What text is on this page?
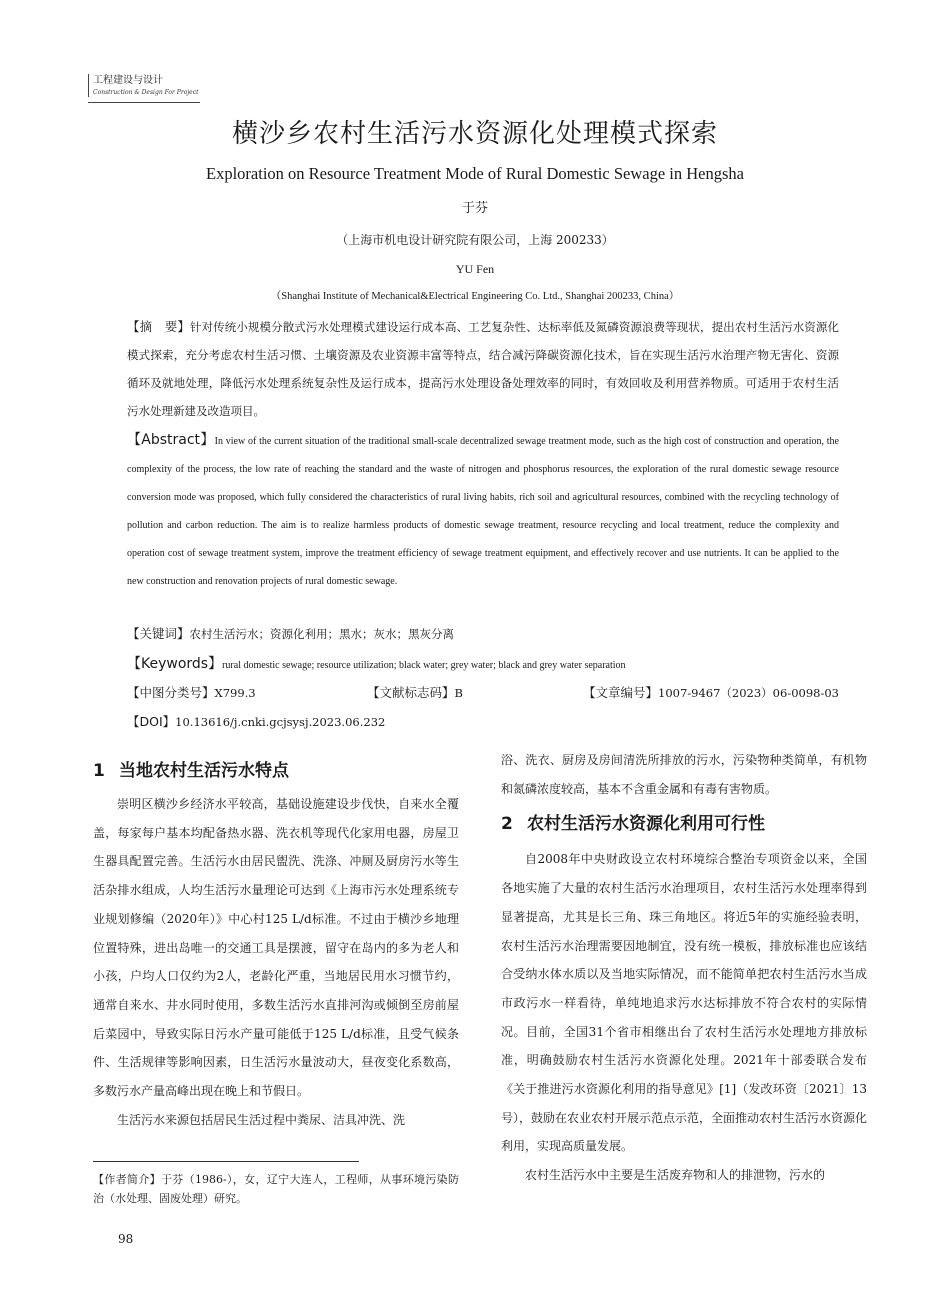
工程建设与设计
Construction & Design For Project
横沙乡农村生活污水资源化处理模式探索
Exploration on Resource Treatment Mode of Rural Domestic Sewage in Hengsha
于芬
（上海市机电设计研究院有限公司，上海 200233）
YU Fen
（Shanghai Institute of Mechanical&Electrical Engineering Co. Ltd., Shanghai 200233, China）
【摘　要】针对传统小规模分散式污水处理模式建设运行成本高、工艺复杂性、达标率低及氮磷资源浪费等现状，提出农村生活污水资源化模式探索，充分考虑农村生活习惯、土壤资源及农业资源丰富等特点，结合减污降碳资源化技术，旨在实现生活污水治理产物无害化、资源循环及就地处理，降低污水处理系统复杂性及运行成本，提高污水处理设备处理效率的同时，有效回收及利用营养物质。可适用于农村生活污水处理新建及改造项目。
【Abstract】In view of the current situation of the traditional small-scale decentralized sewage treatment mode, such as the high cost of construction and operation, the complexity of the process, the low rate of reaching the standard and the waste of nitrogen and phosphorus resources, the exploration of the rural domestic sewage resource conversion mode was proposed, which fully considered the characteristics of rural living habits, rich soil and agricultural resources, combined with the recycling technology of pollution and carbon reduction. The aim is to realize harmless products of domestic sewage treatment, resource recycling and local treatment, reduce the complexity and operation cost of sewage treatment system, improve the treatment efficiency of sewage treatment equipment, and effectively recover and use nutrients. It can be applied to the new construction and renovation projects of rural domestic sewage.
【关键词】农村生活污水；资源化利用；黑水；灰水；黑灰分离
【Keywords】rural domestic sewage; resource utilization; black water; grey water; black and grey water separation
【中图分类号】X799.3	【文献标志码】B	【文章编号】1007-9467（2023）06-0098-03
【DOI】10.13616/j.cnki.gcjsysj.2023.06.232
1 当地农村生活污水特点

崇明区横沙乡经济水平较高，基础设施建设步伐快，自来水全覆盖，每家每户基本均配备热水器、洗衣机等现代化家用电器，房屋卫生器具配置完善。生活污水由居民盥洗、洗涤、冲厕及厨房污水等生活杂排水组成，人均生活污水量理论可达到《上海市污水处理系统专业规划修编（2020年）》中心村125 L/d标准。不过由于横沙乡地理位置特殊，进出岛唯一的交通工具是摆渡，留守在岛内的多为老人和小孩，户均人口仅约为2人，老龄化严重，当地居民用水习惯节约，通常自来水、井水同时使用，多数生活污水直排河沟或倾倒至房前屋后菜园中，导致实际日污水产量可能低于125 L/d标准，且受气候条件、生活规律等影响因素，日生活污水量波动大，昼夜变化系数高，多数污水产量高峰出现在晚上和节假日。

生活污水来源包括居民生活过程中粪尿、洁具冲洗、洗

【作者简介】于芬（1986-），女，辽宁大连人，工程师，从事环境污染防治（水处理、固废处理）研究。

浴、洗衣、厨房及房间清洗所排放的污水，污染物种类简单，有机物和氮磷浓度较高，基本不含重金属和有毒有害物质。

2 农村生活污水资源化利用可行性

自2008年中央财政设立农村环境综合整治专项资金以来，全国各地实施了大量的农村生活污水治理项目，农村生活污水处理率得到显著提高，尤其是长三角、珠三角地区。将近5年的实施经验表明，农村生活污水治理需要因地制宜，没有统一模板，排放标准也应该结合受纳水体水质以及当地实际情况，而不能简单把农村生活污水当成市政污水一样看待，单纯地追求污水达标排放不符合农村的实际情况。目前，全国31个省市相继出台了农村生活污水处理地方排放标准，明确鼓励农村生活污水资源化处理。2021年十部委联合发布《关于推进污水资源化利用的指导意见》[1]（发改环资〔2021〕13号），鼓励在农业农村开展示范点示范，全面推动农村生活污水资源化利用，实现高质量发展。

农村生活污水中主要是生活废弃物和人的排泄物，污水的

98
